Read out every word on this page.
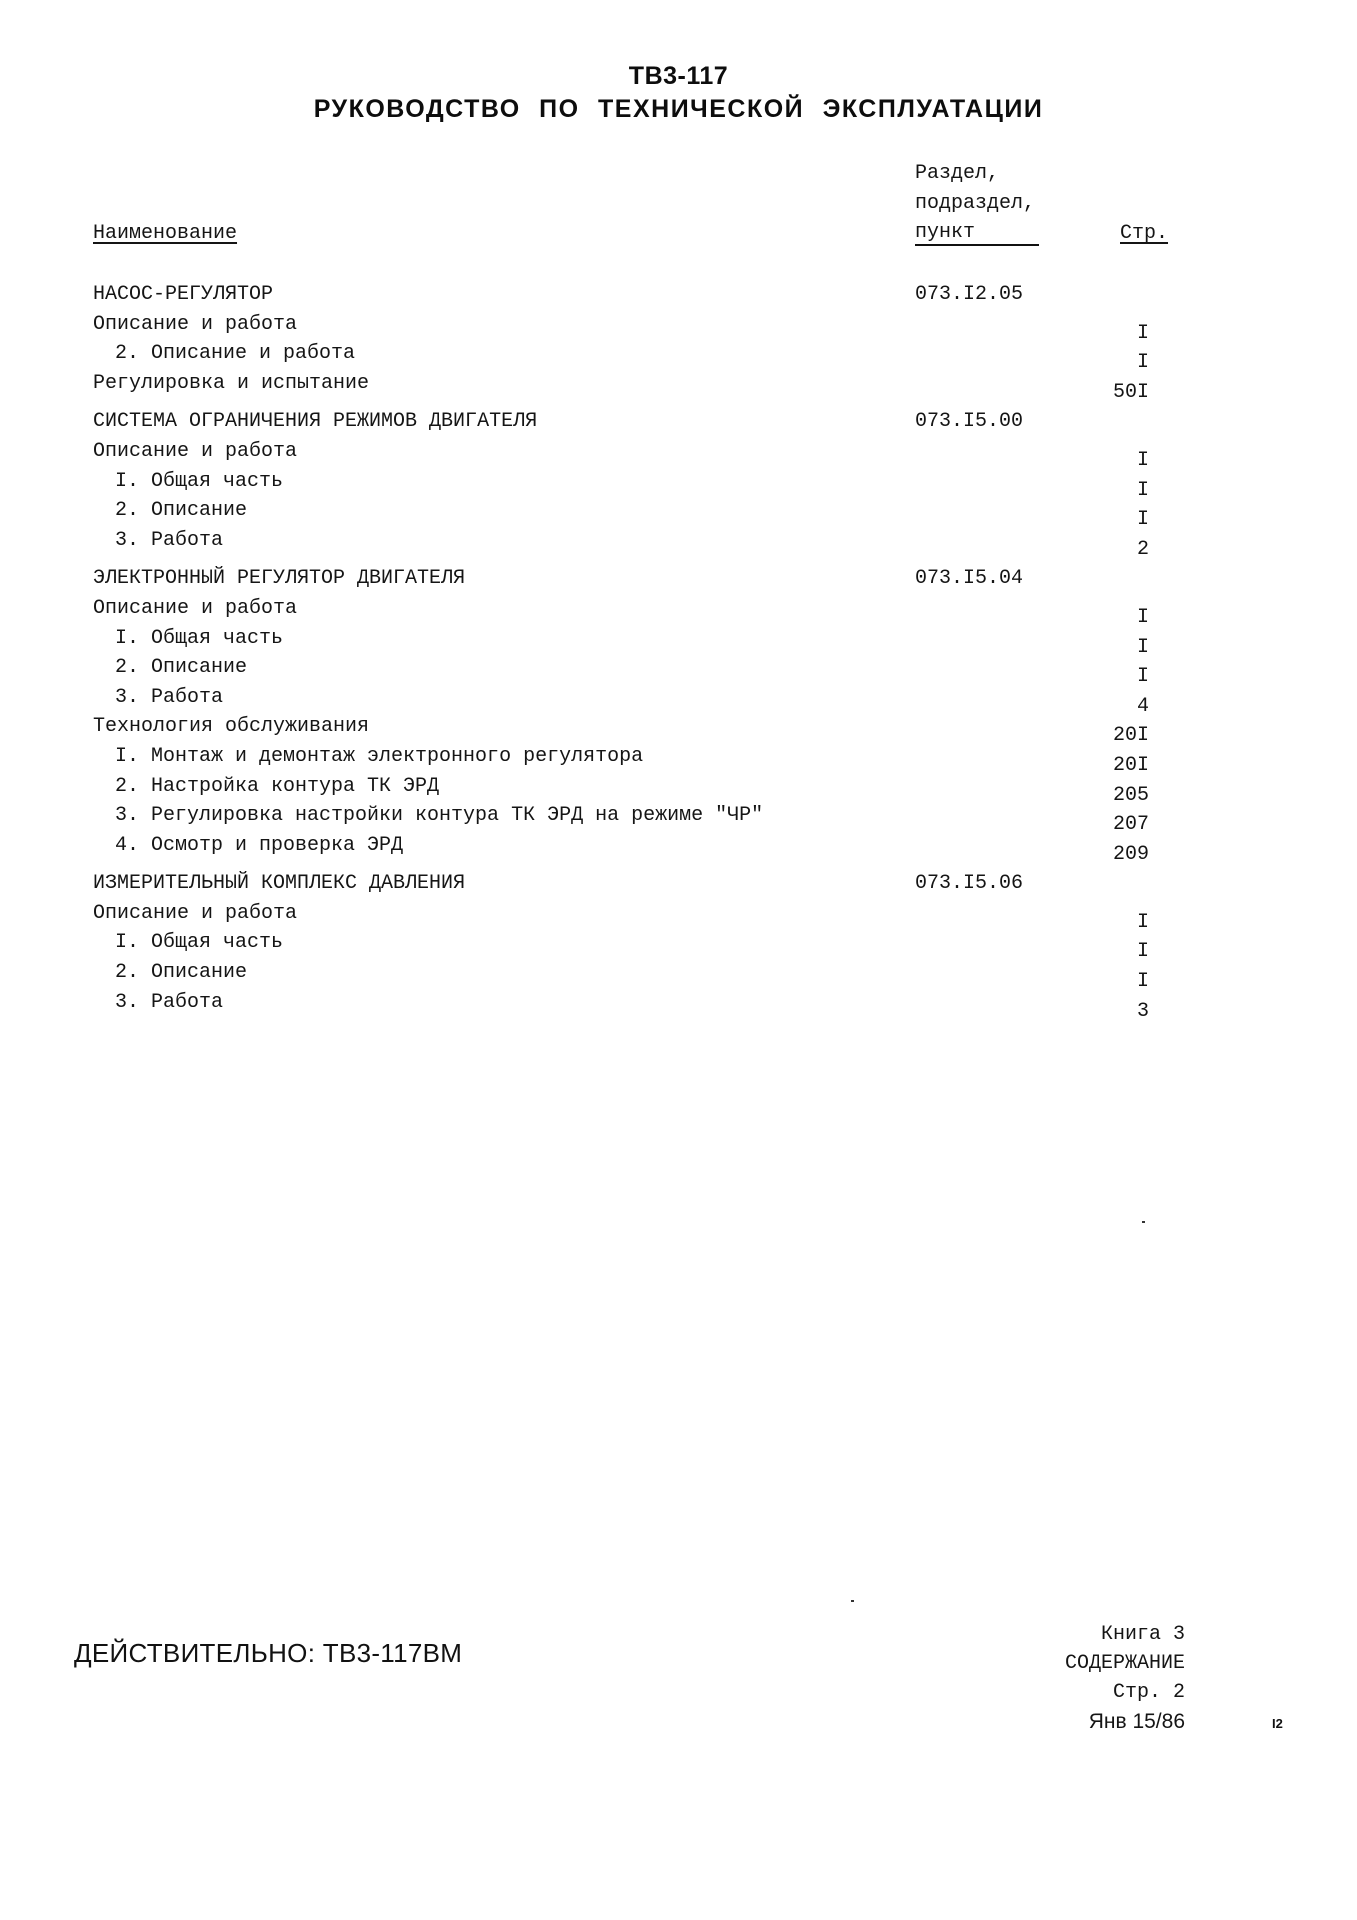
ТВ3-117
РУКОВОДСТВО ПО ТЕХНИЧЕСКОЙ ЭКСПЛУАТАЦИИ
Наименование
Раздел,
подраздел,
пункт	Стр.
НАСОС-РЕГУЛЯТОР	073.I2.05
Описание и работа	I
2. Описание и работа	I
Регулировка и испытание	50I
СИСТЕМА ОГРАНИЧЕНИЯ РЕЖИМОВ ДВИГАТЕЛЯ	073.I5.00
Описание и работа	I
I. Общая часть	I
2. Описание	I
3. Работа	2
ЭЛЕКТРОННЫЙ РЕГУЛЯТОР ДВИГАТЕЛЯ	073.I5.04
Описание и работа	I
I. Общая часть	I
2. Описание	I
3. Работа	4
Технология обслуживания	20I
I. Монтаж и демонтаж электронного регулятора	20I
2. Настройка контура ТК ЭРД	205
3. Регулировка настройки контура ТК ЭРД на режиме "ЧР"	207
4. Осмотр и проверка ЭРД	209
ИЗМЕРИТЕЛЬНЫЙ КОМПЛЕКС ДАВЛЕНИЯ	073.I5.06
Описание и работа	I
I. Общая часть	I
2. Описание	I
3. Работа	3
ДЕЙСТВИТЕЛЬНО: ТВ3-117ВМ
Книга 3
СОДЕРЖАНИЕ
Стр. 2
Янв 15/86	I2
